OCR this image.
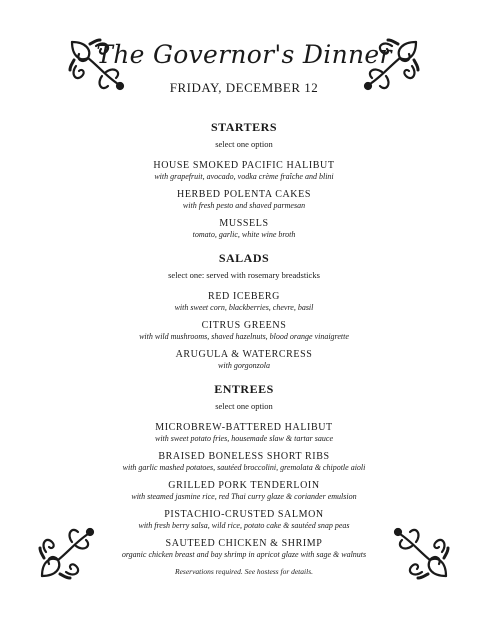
The Governor's Dinner
FRIDAY, DECEMBER 12
STARTERS
select one option
HOUSE SMOKED PACIFIC HALIBUT
with grapefruit, avocado, vodka crème fraîche and blini
HERBED POLENTA CAKES
with fresh pesto and shaved parmesan
MUSSELS
tomato, garlic, white wine broth
SALADS
select one: served with rosemary breadsticks
RED ICEBERG
with sweet corn, blackberries, chevre, basil
CITRUS GREENS
with wild mushrooms, shaved hazelnuts, blood orange vinaigrette
ARUGULA & WATERCRESS
with gorgonzola
ENTREES
select one option
MICROBREW-BATTERED HALIBUT
with sweet potato fries, housemade slaw & tartar sauce
BRAISED BONELESS SHORT RIBS
with garlic mashed potatoes, sautéed broccolini, gremolata & chipotle aioli
GRILLED PORK TENDERLOIN
with steamed jasmine rice, red Thai curry glaze & coriander emulsion
PISTACHIO-CRUSTED SALMON
with fresh berry salsa, wild rice, potato cake & sautéed snap peas
SAUTEED CHICKEN & SHRIMP
organic chicken breast and bay shrimp in apricot glaze with sage & walnuts
Reservations required. See hostess for details.
